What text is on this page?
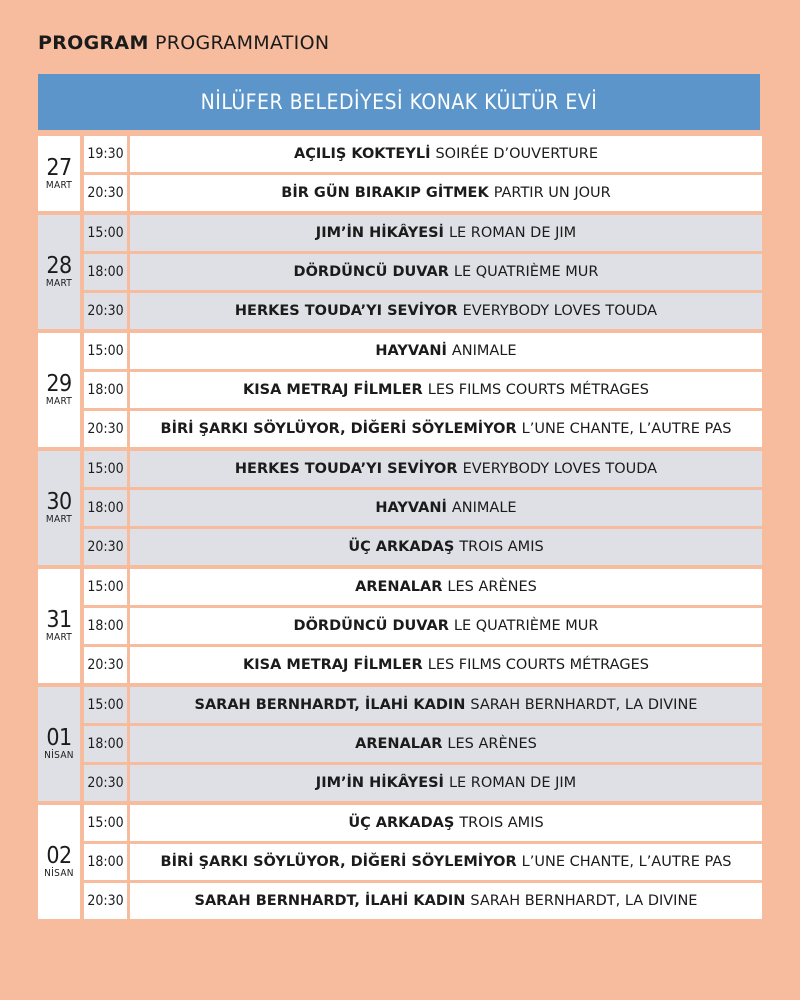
PROGRAM PROGRAMMATION
NİLÜFER BELEDİYESİ KONAK KÜLTÜR EVİ
27
MART
19:30	AÇILIŞ KOKTEYLİ SOIRÉE D’OUVERTURE
20:30	BİR GÜN BIRAKIP GİTMEK PARTIR UN JOUR
28
MART
15:00	JIM’İN HİKÂYESİ LE ROMAN DE JIM
18:00	DÖRDÜNCÜ DUVAR LE QUATRIÈME MUR
20:30	HERKES TOUDA’YI SEVİYOR EVERYBODY LOVES TOUDA
29
MART
15:00	HAYVANİ ANIMALE
18:00	KISA METRAJ FİLMLER LES FILMS COURTS MÉTRAGES
20:30	BİRİ ŞARKI SÖYLÜYOR, DİĞERİ SÖYLEMİYOR L’UNE CHANTE, L’AUTRE PAS
30
MART
15:00	HERKES TOUDA’YI SEVİYOR EVERYBODY LOVES TOUDA
18:00	HAYVANİ ANIMALE
20:30	ÜÇ ARKADAŞ TROIS AMIS
31
MART
15:00	ARENALAR LES ARÈNES
18:00	DÖRDÜNCÜ DUVAR LE QUATRIÈME MUR
20:30	KISA METRAJ FİLMLER LES FILMS COURTS MÉTRAGES
01
NİSAN
15:00	SARAH BERNHARDT, İLAHİ KADIN SARAH BERNHARDT, LA DIVINE
18:00	ARENALAR LES ARÈNES
20:30	JIM’İN HİKÂYESİ LE ROMAN DE JIM
02
NİSAN
15:00	ÜÇ ARKADAŞ TROIS AMIS
18:00	BİRİ ŞARKI SÖYLÜYOR, DİĞERİ SÖYLEMİYOR L’UNE CHANTE, L’AUTRE PAS
20:30	SARAH BERNHARDT, İLAHİ KADIN SARAH BERNHARDT, LA DIVINE
